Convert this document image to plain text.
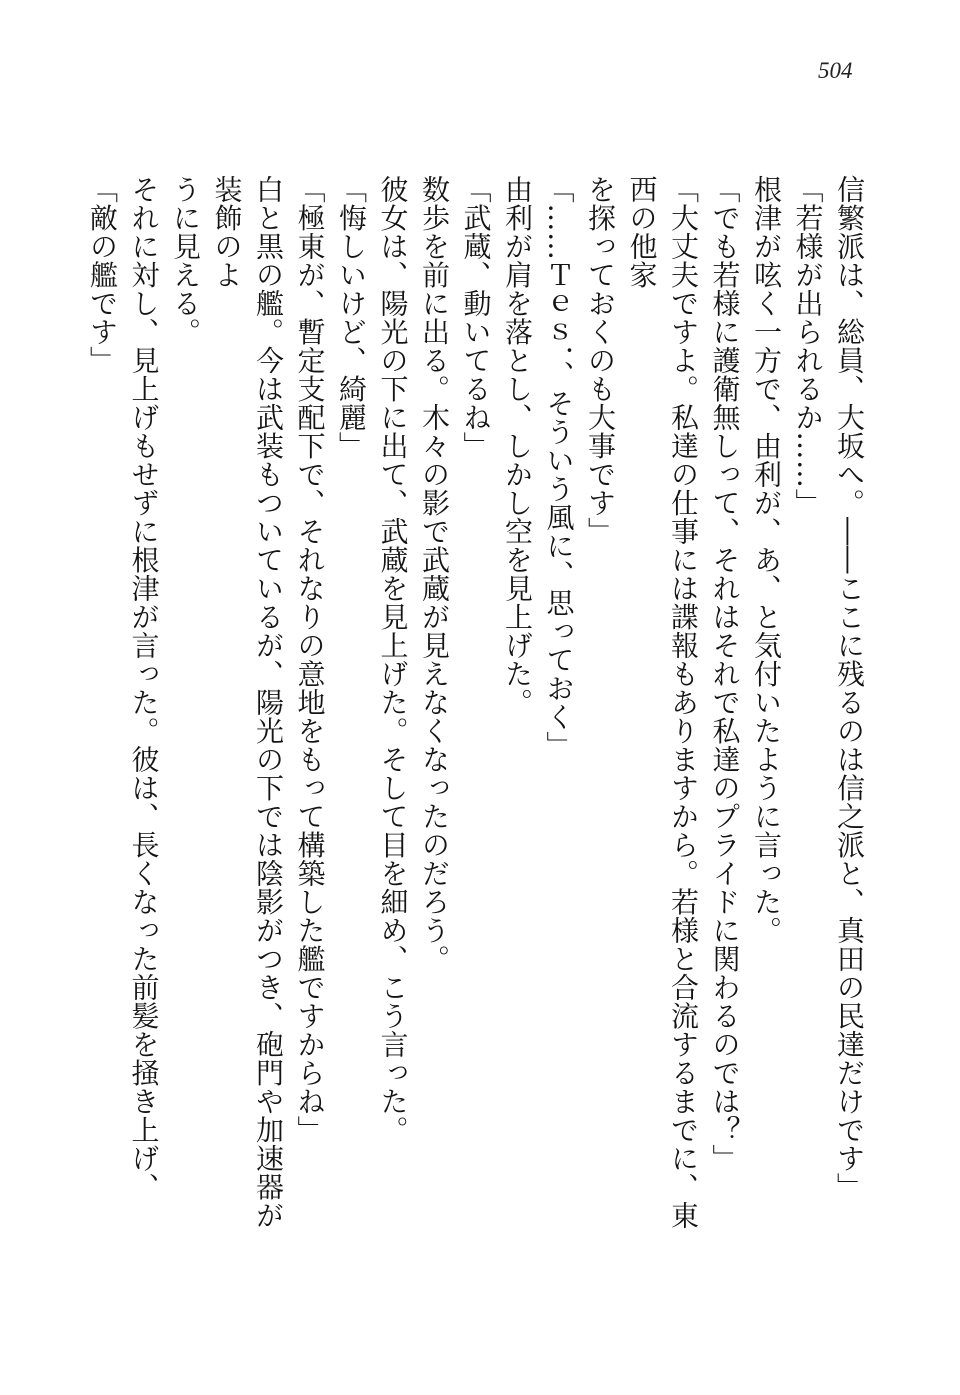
504

信繁派は、総員、大坂へ。――ここに残るのは信之派と、真田の民達だけです」

「若様が出られるか……」

根津が呟く一方で、由利が、あ、と気付いたように言った。

「でも若様に護衛無しって、それはそれで私達のプライドに関わるのでは？」

「大丈夫ですよ。私達の仕事には諜報もありますから。若様と合流するまでに、東西の他家

を探っておくのも大事です」

「……Ｔｅｓ．、そういう風に、思っておく」

由利が肩を落とし、しかし空を見上げた。

「武蔵、動いてるね」

数歩を前に出る。木々の影で武蔵が見えなくなったのだろう。

彼女は、陽光の下に出て、武蔵を見上げた。そして目を細め、こう言った。

「悔しいけど、綺麗」

「極東が、暫定支配下で、それなりの意地をもって構築した艦ですからね」

白と黒の艦。今は武装もついているが、陽光の下では陰影がつき、砲門や加速器が装飾のよ

うに見える。

それに対し、見上げもせずに根津が言った。彼は、長くなった前髪を掻き上げ、

「敵の艦です」
